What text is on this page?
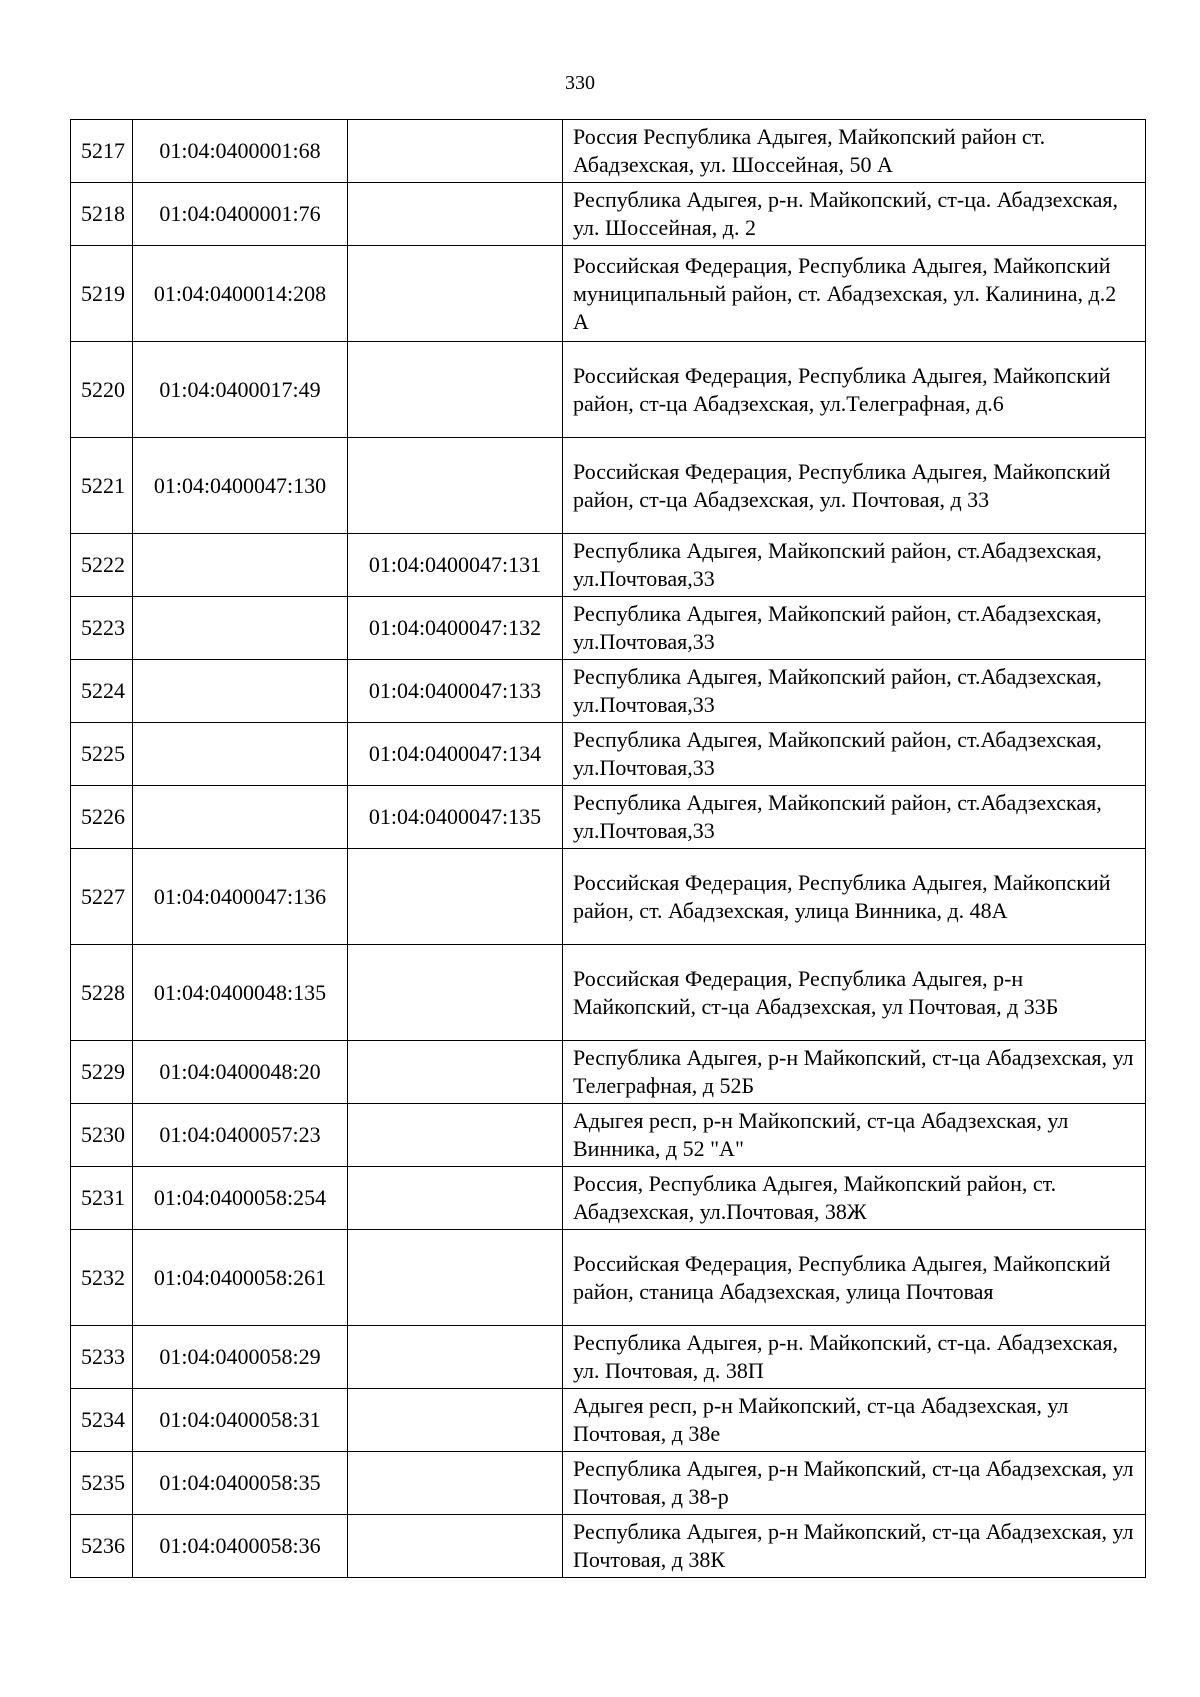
330
5217	01:04:0400001:68		Россия Республика Адыгея, Майкопский район ст. Абадзехская, ул. Шоссейная, 50 А
5218	01:04:0400001:76		Республика Адыгея, р-н. Майкопский, ст-ца. Абадзехская, ул. Шоссейная, д. 2
5219	01:04:0400014:208		Российская Федерация, Республика Адыгея, Майкопский муниципальный район, ст. Абадзехская, ул. Калинина, д.2 А
5220	01:04:0400017:49		Российская Федерация, Республика Адыгея, Майкопский район, ст-ца Абадзехская, ул.Телеграфная, д.6
5221	01:04:0400047:130		Российская Федерация, Республика Адыгея, Майкопский район, ст-ца Абадзехская, ул. Почтовая, д 33
5222		01:04:0400047:131	Республика Адыгея, Майкопский район, ст.Абадзехская, ул.Почтовая,33
5223		01:04:0400047:132	Республика Адыгея, Майкопский район, ст.Абадзехская, ул.Почтовая,33
5224		01:04:0400047:133	Республика Адыгея, Майкопский район, ст.Абадзехская, ул.Почтовая,33
5225		01:04:0400047:134	Республика Адыгея, Майкопский район, ст.Абадзехская, ул.Почтовая,33
5226		01:04:0400047:135	Республика Адыгея, Майкопский район, ст.Абадзехская, ул.Почтовая,33
5227	01:04:0400047:136		Российская Федерация, Республика Адыгея, Майкопский район, ст. Абадзехская, улица Винника, д. 48А
5228	01:04:0400048:135		Российская Федерация, Республика Адыгея, р-н Майкопский, ст-ца Абадзехская, ул Почтовая, д 33Б
5229	01:04:0400048:20		Республика Адыгея, р-н Майкопский, ст-ца Абадзехская, ул Телеграфная, д 52Б
5230	01:04:0400057:23		Адыгея респ, р-н Майкопский, ст-ца Абадзехская, ул Винника, д 52 "А"
5231	01:04:0400058:254		Россия, Республика Адыгея, Майкопский район, ст. Абадзехская, ул.Почтовая, 38Ж
5232	01:04:0400058:261		Российская Федерация, Республика Адыгея, Майкопский район, станица Абадзехская, улица Почтовая
5233	01:04:0400058:29		Республика Адыгея, р-н. Майкопский, ст-ца. Абадзехская, ул. Почтовая, д. 38П
5234	01:04:0400058:31		Адыгея респ, р-н Майкопский, ст-ца Абадзехская, ул Почтовая, д 38е
5235	01:04:0400058:35		Республика Адыгея, р-н Майкопский, ст-ца Абадзехская, ул Почтовая, д 38-р
5236	01:04:0400058:36		Республика Адыгея, р-н Майкопский, ст-ца Абадзехская, ул Почтовая, д 38К
